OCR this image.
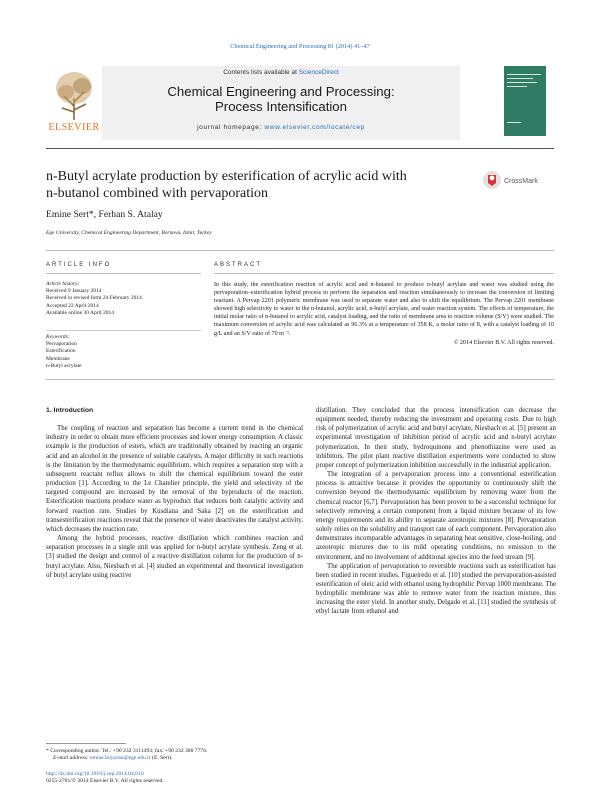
Chemical Engineering and Processing 81 (2014) 41–47
ELSEVIER
Contents lists available at ScienceDirect
Chemical Engineering and Processing:
Process Intensification
journal homepage: www.elsevier.com/locate/cep
n-Butyl acrylate production by esterification of acrylic acid with
n-butanol combined with pervaporation
CrossMark
Emine Sert*, Ferhan S. Atalay
Ege University, Chemical Engineering Department, Bornova, Izmir, Turkey
ARTICLE INFO	ABSTRACT
Article history:
Received 9 January 2014
Received in revised form 24 February 2014
Accepted 22 April 2014
Available online 30 April 2014
Keywords:
Pervaporation
Esterification
Membrane
n-Butyl acrylate
In this study, the esterification reaction of acrylic acid and n-butanol to produce n-butyl acrylate and water was studied using the pervaporation–esterification hybrid process to perform the separation and reaction simultaneously to increase the conversion of limiting reactant. A Pervap 2201 polymeric membrane was used to separate water and also to shift the equilibrium. The Pervap 2201 membrane showed high selectivity to water in the n-butanol, acrylic acid, n-butyl acrylate, and water reaction system. The effects of temperature, the initial molar ratio of n-butanol to acrylic acid, catalyst loading, and the ratio of membrane area to reaction volume (S/V) were studied. The maximum conversion of acrylic acid was calculated as 96.3% at a temperature of 358 K, a molar ratio of 8, with a catalyst loading of 10 g/L and an S/V ratio of 70 m⁻¹.
© 2014 Elsevier B.V. All rights reserved.

1. Introduction

The coupling of reaction and separation has become a current trend in the chemical industry in order to obtain more efficient processes and lower energy consumption. A classic example is the production of esters, which are traditionally obtained by reacting an organic acid and an alcohol in the presence of suitable catalysts. A major difficulty in such reactions is the limitation by the thermodynamic equilibrium, which requires a separation step with a subsequent reactant reflux allows to shift the chemical equilibrium toward the ester production [1]. According to the Le Chatelier principle, the yield and selectivity of the targeted compound are increased by the removal of the byproducts of the reaction. Esterification reactions produce water as byproduct that reduces both catalytic activity and forward reaction rate. Studies by Kusdiana and Saka [2] on the esterification and transesterification reactions reveal that the presence of water deactivates the catalyst activity, which decreases the reaction rate.

Among the hybrid processes, reactive distillation which combines reaction and separation processes in a single unit was applied for n-butyl acrylate synthesis. Zeng et al. [3] studied the design and control of a reactive distillation column for the production of n-butyl acrylate. Also, Niesbach et al. [4] studied an experimental and theoretical investigation of butyl acrylate using reactive

distillation. They concluded that the process intensification can decrease the equipment needed, thereby reducing the investment and operating costs. Due to high risk of polymerization of acrylic acid and butyl acrylate, Niesbach et al. [5] present an experimental investigation of inhibition period of acrylic acid and n-butyl acrylate polymerization. In their study, hydroquinone and phenothiazine were used as inhibitors. The pilot plant reactive distillation experiments were conducted to show proper concept of polymerization inhibition successfully in the industrial application.

The integration of a pervaporation process into a conventional esterification process is attractive because it provides the opportunity to continuously shift the conversion beyond the thermodynamic equilibrium by removing water from the chemical reactor [6,7]. Pervaporation has been proven to be a successful technique for selectively removing a certain component from a liquid mixture because of its low energy requirements and its ability to separate azeotropic mixtures [8]. Pervaporation solely relies on the solubility and transport rate of each component. Pervaporation also demonstrates incomparable advantages in separating heat sensitive, close-boiling, and azeotropic mixtures due to its mild operating conditions, no emission to the environment, and no involvement of additional species into the feed stream [9].

The application of pervaporation to reversible reactions such as esterification has been studied in recent studies. Figueiredo et al. [10] studied the pervaporation-assisted esterification of oleic acid with ethanol using hydrophilic Pervap 1000 membrane. The hydrophilic membrane was able to remove water from the reaction mixture, thus increasing the ester yield. In another study, Delgado et al. [11] studied the synthesis of ethyl lactate from ethanol and

* Corresponding author. Tel.: +90 232 3111493; fax: +90 232 388 7776.
E-mail address: emine.buyuran@ege.edu.tr (E. Sert).
http://dx.doi.org/10.1016/j.cep.2014.04.010
0255-2701/© 2014 Elsevier B.V. All rights reserved.
